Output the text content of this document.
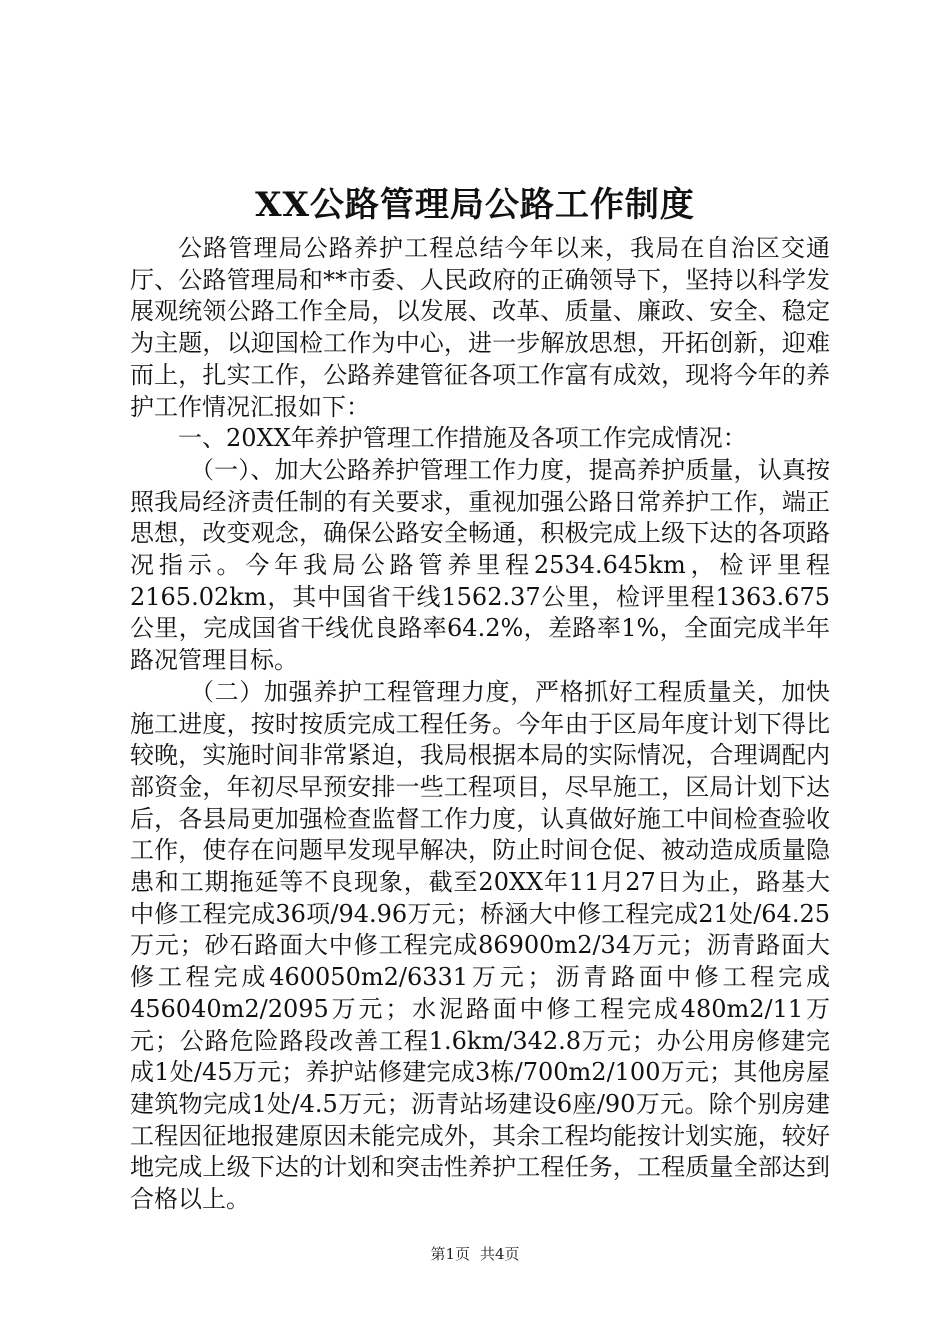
XX公路管理局公路工作制度

公路管理局公路养护工程总结今年以来，我局在自治区交通厅、公路管理局和**市委、人民政府的正确领导下，坚持以科学发展观统领公路工作全局，以发展、改革、质量、廉政、安全、稳定为主题，以迎国检工作为中心，进一步解放思想，开拓创新，迎难而上，扎实工作，公路养建管征各项工作富有成效，现将今年的养护工作情况汇报如下：

一、20XX年养护管理工作措施及各项工作完成情况：

（一）、加大公路养护管理工作力度，提高养护质量，认真按照我局经济责任制的有关要求，重视加强公路日常养护工作，端正思想，改变观念，确保公路安全畅通，积极完成上级下达的各项路况指示。今年我局公路管养里程2534.645km，检评里程2165.02km，其中国省干线1562.37公里，检评里程1363.675公里，完成国省干线优良路率64.2%，差路率1%，全面完成半年路况管理目标。

（二）加强养护工程管理力度，严格抓好工程质量关，加快施工进度，按时按质完成工程任务。今年由于区局年度计划下得比较晚，实施时间非常紧迫，我局根据本局的实际情况，合理调配内部资金，年初尽早预安排一些工程项目，尽早施工，区局计划下达后，各县局更加强检查监督工作力度，认真做好施工中间检查验收工作，使存在问题早发现早解决，防止时间仓促、被动造成质量隐患和工期拖延等不良现象，截至20XX年11月27日为止，路基大中修工程完成36项/94.96万元；桥涵大中修工程完成21处/64.25万元；砂石路面大中修工程完成86900m2/34万元；沥青路面大修工程完成460050m2/6331万元；沥青路面中修工程完成456040m2/2095万元；水泥路面中修工程完成480m2/11万元；公路危险路段改善工程1.6km/342.8万元；办公用房修建完成1处/45万元；养护站修建完成3栋/700m2/100万元；其他房屋建筑物完成1处/4.5万元；沥青站场建设6座/90万元。除个别房建工程因征地报建原因未能完成外，其余工程均能按计划实施，较好地完成上级下达的计划和突击性养护工程任务，工程质量全部达到合格以上。

第1页 共4页
